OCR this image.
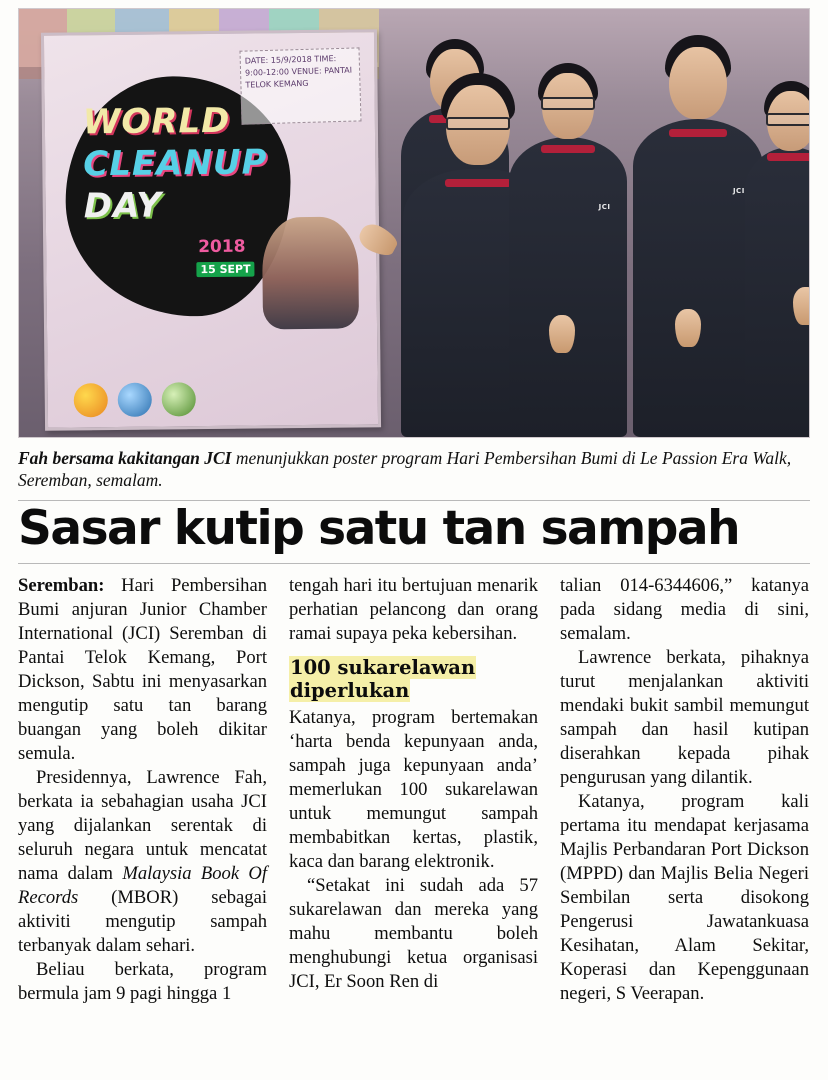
WORLD
CLEANUP
DAY
2018
15 SEPT
DATE: 15/9/2018 TIME: 9:00-12:00 VENUE: PANTAI TELOK KEMANG
JCI
JCI
Fah bersama kakitangan JCI menunjukkan poster program Hari Pembersihan Bumi di Le Passion Era Walk, Seremban, semalam.
Sasar kutip satu tan sampah

Seremban: Hari Pembersihan Bumi anjuran Junior Chamber International (JCI) Seremban di Pantai Telok Kemang, Port Dickson, Sabtu ini menyasarkan mengutip satu tan barang buangan yang boleh dikitar semula.

Presidennya, Lawrence Fah, berkata ia sebahagian usaha JCI yang dijalankan serentak di seluruh negara untuk mencatat nama dalam Malaysia Book Of Records (MBOR) sebagai aktiviti mengutip sampah terbanyak dalam sehari.

Beliau berkata, program bermula jam 9 pagi hingga 1

tengah hari itu bertujuan menarik perhatian pelancong dan orang ramai supaya peka kebersihan.

100 sukarelawan diperlukan

Katanya, program bertemakan ‘harta benda kepunyaan anda, sampah juga kepunyaan anda’ memerlukan 100 sukarelawan untuk memungut sampah membabitkan kertas, plastik, kaca dan barang elektronik.

“Setakat ini sudah ada 57 sukarelawan dan mereka yang mahu membantu boleh menghubungi ketua organisasi JCI, Er Soon Ren di

talian 014-6344606,” katanya pada sidang media di sini, semalam.

Lawrence berkata, pihaknya turut menjalankan aktiviti mendaki bukit sambil memungut sampah dan hasil kutipan diserahkan kepada pihak pengurusan yang dilantik.

Katanya, program kali pertama itu mendapat kerjasama Majlis Perbandaran Port Dickson (MPPD) dan Majlis Belia Negeri Sembilan serta disokong Pengerusi Jawatankuasa Kesihatan, Alam Sekitar, Koperasi dan Kepenggunaan negeri, S Veerapan.
